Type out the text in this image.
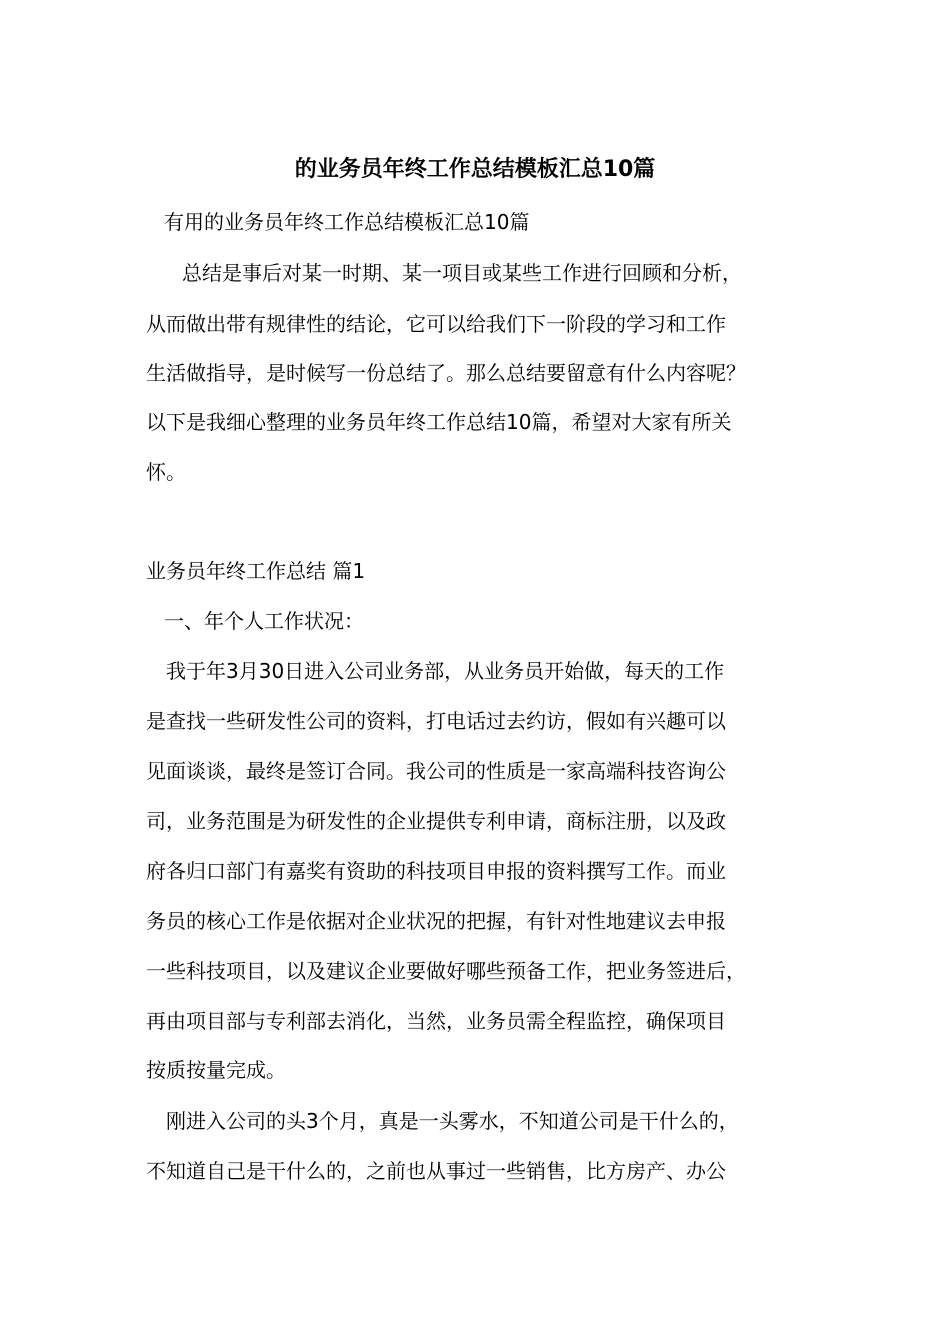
的业务员年终工作总结模板汇总10篇
有用的业务员年终工作总结模板汇总10篇
总结是事后对某一时期、某一项目或某些工作进行回顾和分析，
从而做出带有规律性的结论，它可以给我们下一阶段的学习和工作
生活做指导，是时候写一份总结了。那么总结要留意有什么内容呢？
以下是我细心整理的业务员年终工作总结10篇，希望对大家有所关
怀。
业务员年终工作总结 篇1
一、年个人工作状况：
我于年3月30日进入公司业务部，从业务员开始做，每天的工作
是查找一些研发性公司的资料，打电话过去约访，假如有兴趣可以
见面谈谈，最终是签订合同。我公司的性质是一家高端科技咨询公
司，业务范围是为研发性的企业提供专利申请，商标注册，以及政
府各归口部门有嘉奖有资助的科技项目申报的资料撰写工作。而业
务员的核心工作是依据对企业状况的把握，有针对性地建议去申报
一些科技项目，以及建议企业要做好哪些预备工作，把业务签进后，
再由项目部与专利部去消化，当然，业务员需全程监控，确保项目
按质按量完成。
刚进入公司的头3个月，真是一头雾水，不知道公司是干什么的，
不知道自己是干什么的，之前也从事过一些销售，比方房产、办公
